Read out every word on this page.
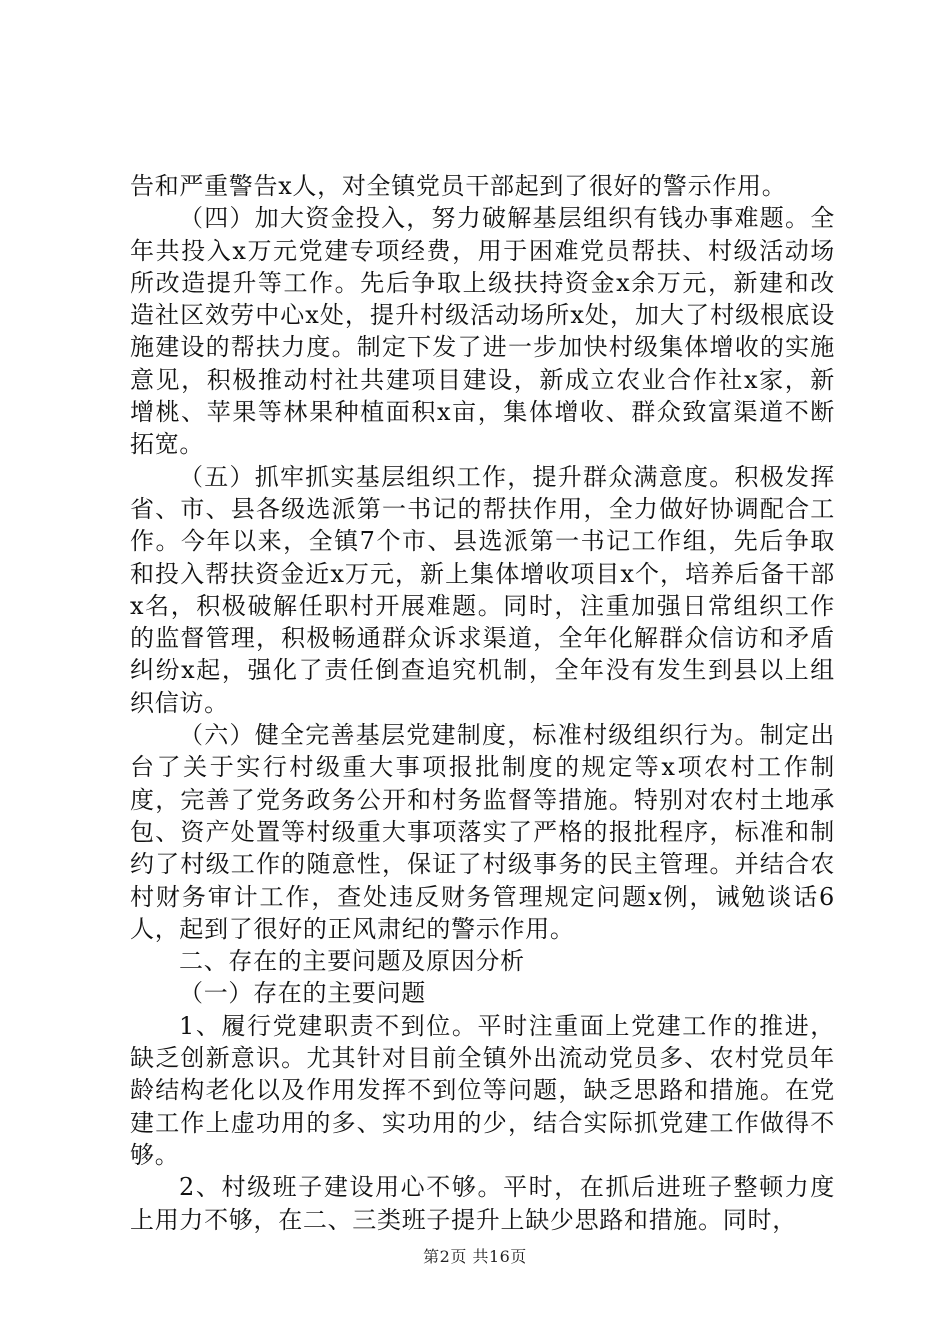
告和严重警告x人，对全镇党员干部起到了很好的警示作用。

（四）加大资金投入，努力破解基层组织有钱办事难题。全年共投入x万元党建专项经费，用于困难党员帮扶、村级活动场所改造提升等工作。先后争取上级扶持资金x余万元，新建和改造社区效劳中心x处，提升村级活动场所x处，加大了村级根底设施建设的帮扶力度。制定下发了进一步加快村级集体增收的实施意见，积极推动村社共建项目建设，新成立农业合作社x家，新增桃、苹果等林果种植面积x亩，集体增收、群众致富渠道不断拓宽。

（五）抓牢抓实基层组织工作，提升群众满意度。积极发挥省、市、县各级选派第一书记的帮扶作用，全力做好协调配合工作。今年以来，全镇7个市、县选派第一书记工作组，先后争取和投入帮扶资金近x万元，新上集体增收项目x个，培养后备干部x名，积极破解任职村开展难题。同时，注重加强日常组织工作的监督管理，积极畅通群众诉求渠道，全年化解群众信访和矛盾纠纷x起，强化了责任倒查追究机制，全年没有发生到县以上组织信访。

（六）健全完善基层党建制度，标准村级组织行为。制定出台了关于实行村级重大事项报批制度的规定等x项农村工作制度，完善了党务政务公开和村务监督等措施。特别对农村土地承包、资产处置等村级重大事项落实了严格的报批程序，标准和制约了村级工作的随意性，保证了村级事务的民主管理。并结合农村财务审计工作，查处违反财务管理规定问题x例，诫勉谈话6人，起到了很好的正风肃纪的警示作用。

二、存在的主要问题及原因分析

（一）存在的主要问题

1、履行党建职责不到位。平时注重面上党建工作的推进，缺乏创新意识。尤其针对目前全镇外出流动党员多、农村党员年龄结构老化以及作用发挥不到位等问题，缺乏思路和措施。在党建工作上虚功用的多、实功用的少，结合实际抓党建工作做得不够。

2、村级班子建设用心不够。平时，在抓后进班子整顿力度上用力不够，在二、三类班子提升上缺少思路和措施。同时，

第2页 共16页
